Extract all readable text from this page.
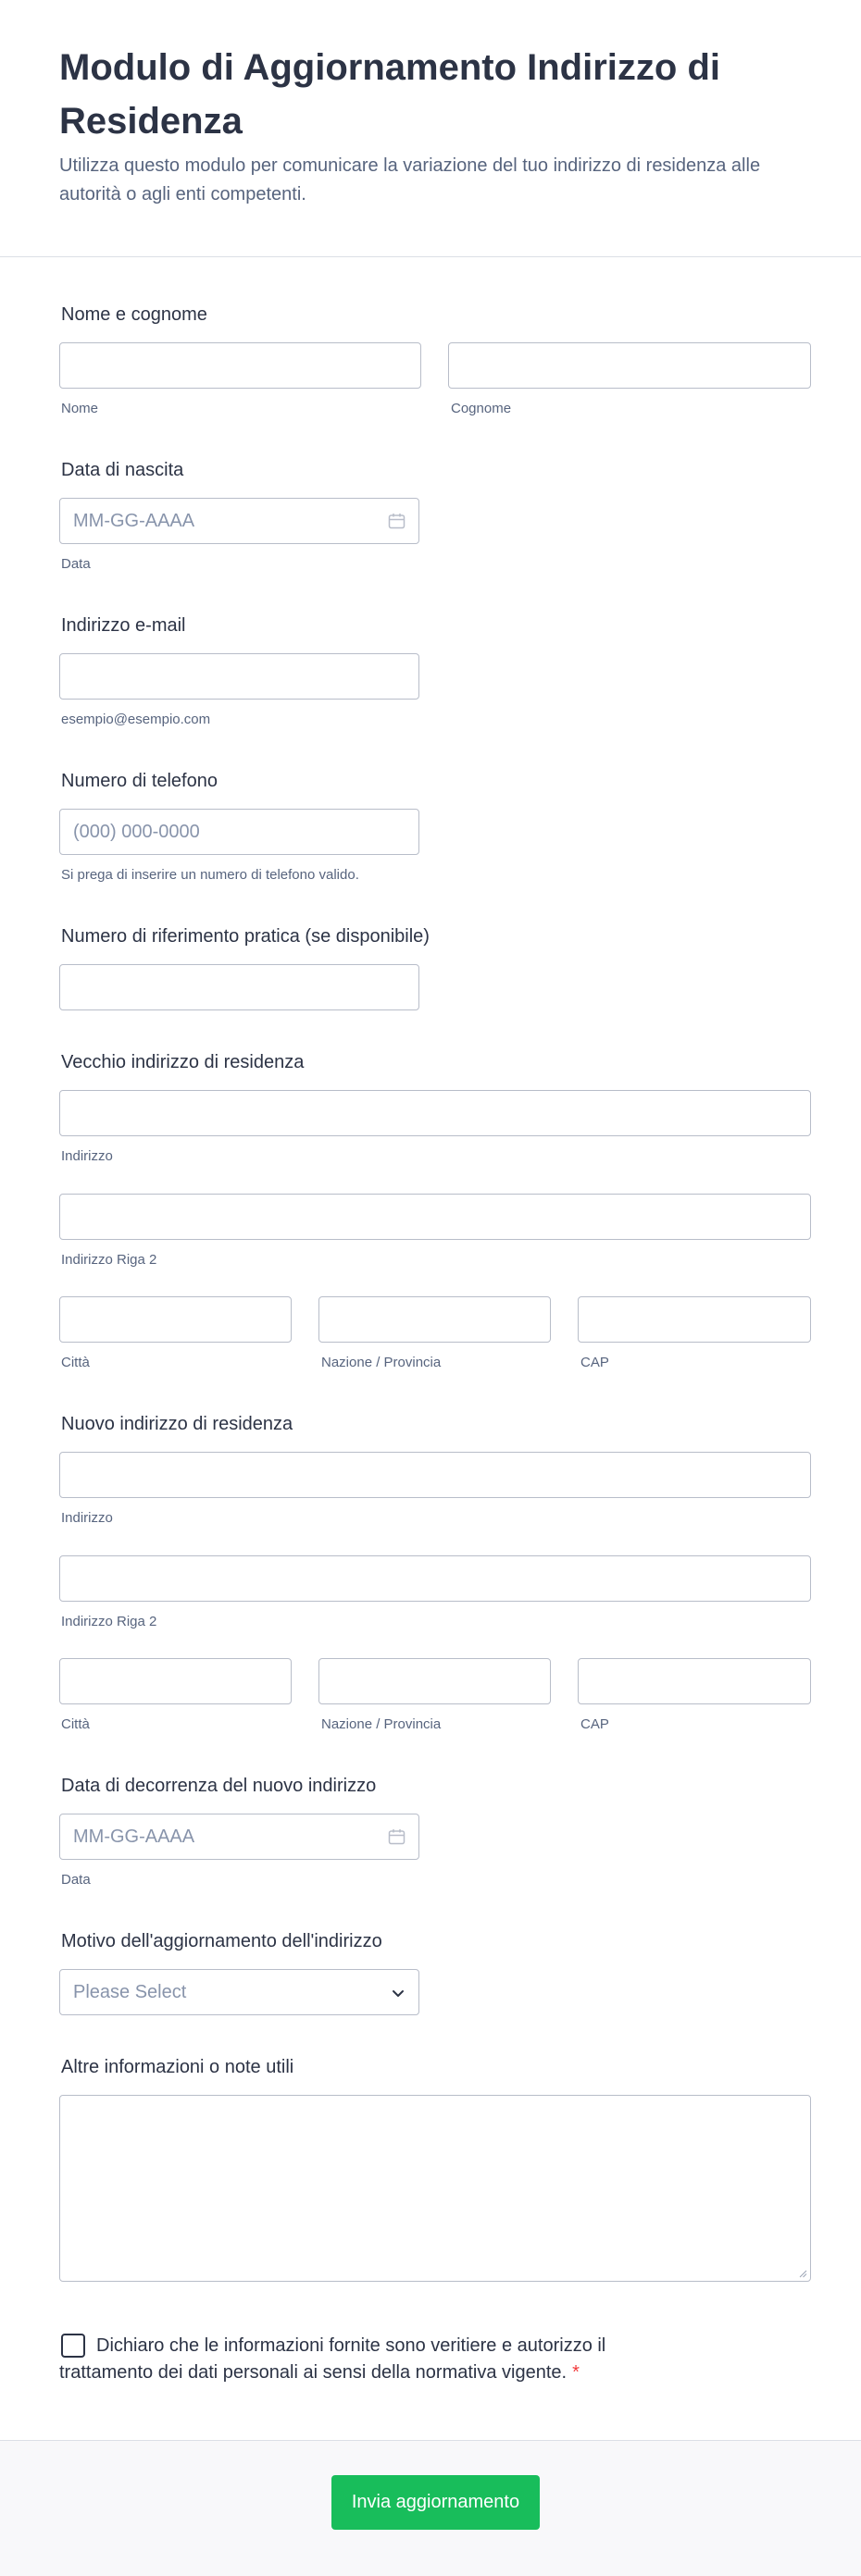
Modulo di Aggiornamento Indirizzo di Residenza

Utilizza questo modulo per comunicare la variazione del tuo indirizzo di residenza alle autorità o agli enti competenti.

Nome e cognome
Nome	Cognome
Data di nascita
MM-GG-AAAA
Data
Indirizzo e-mail
esempio@esempio.com
Numero di telefono
(000) 000-0000
Si prega di inserire un numero di telefono valido.
Numero di riferimento pratica (se disponibile)
Vecchio indirizzo di residenza
Indirizzo
Indirizzo Riga 2
Città	Nazione / Provincia	CAP
Nuovo indirizzo di residenza
Indirizzo
Indirizzo Riga 2
Città	Nazione / Provincia	CAP
Data di decorrenza del nuovo indirizzo
MM-GG-AAAA
Data
Motivo dell'aggiornamento dell'indirizzo
Please Select
Altre informazioni o note utili

Dichiaro che le informazioni fornite sono veritiere e autorizzo il trattamento dei dati personali ai sensi della normativa vigente. *

Invia aggiornamento
